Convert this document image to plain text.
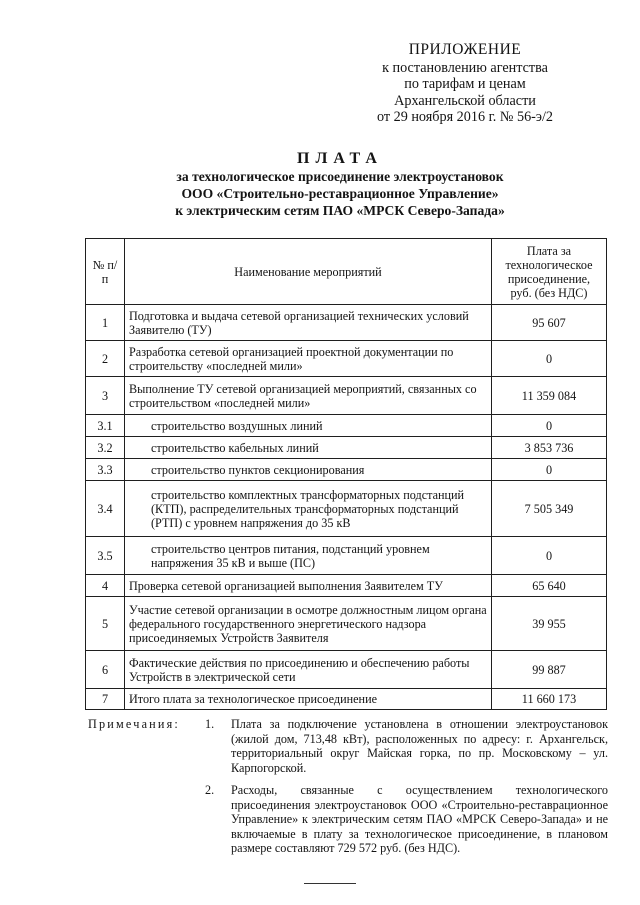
ПРИЛОЖЕНИЕ
к постановлению агентства
по тарифам и ценам
Архангельской области
от 29 ноября 2016 г. № 56-э/2
ПЛАТА
за технологическое присоединение электроустановок
ООО «Строительно-реставрационное Управление»
к электрическим сетям ПАО «МРСК Северо-Запада»
№ п/п	Наименование мероприятий	Плата за технологическое присоединение, руб. (без НДС)
1	Подготовка и выдача сетевой организацией технических условий Заявителю (ТУ)	95 607
2	Разработка сетевой организацией проектной документации по строительству «последней мили»	0
3	Выполнение ТУ сетевой организацией мероприятий, связанных со строительством «последней мили»	11 359 084
3.1	строительство воздушных линий	0
3.2	строительство кабельных линий	3 853 736
3.3	строительство пунктов секционирования	0
3.4	строительство комплектных трансформаторных подстанций (КТП), распределительных трансформаторных подстанций (РТП) с уровнем напряжения до 35 кВ	7 505 349
3.5	строительство центров питания, подстанций уровнем напряжения 35 кВ и выше (ПС)	0
4	Проверка сетевой организацией выполнения Заявителем ТУ	65 640
5	Участие сетевой организации в осмотре должностным лицом органа федерального государственного энергетического надзора присоединяемых Устройств Заявителя	39 955
6	Фактические действия по присоединению и обеспечению работы Устройств в электрической сети	99 887
7	Итого плата за технологическое присоединение	11 660 173
Примечания: 1. Плата за подключение установлена в отношении электроустановок (жилой дом, 713,48 кВт), расположенных по адресу: г. Архангельск, территориальный округ Майская горка, по пр. Московскому – ул. Карпогорской.
2. Расходы, связанные с осуществлением технологического присоединения электроустановок ООО «Строительно-реставрационное Управление» к электрическим сетям ПАО «МРСК Северо-Запада» и не включаемые в плату за технологическое присоединение, в плановом размере составляют 729 572 руб. (без НДС).
